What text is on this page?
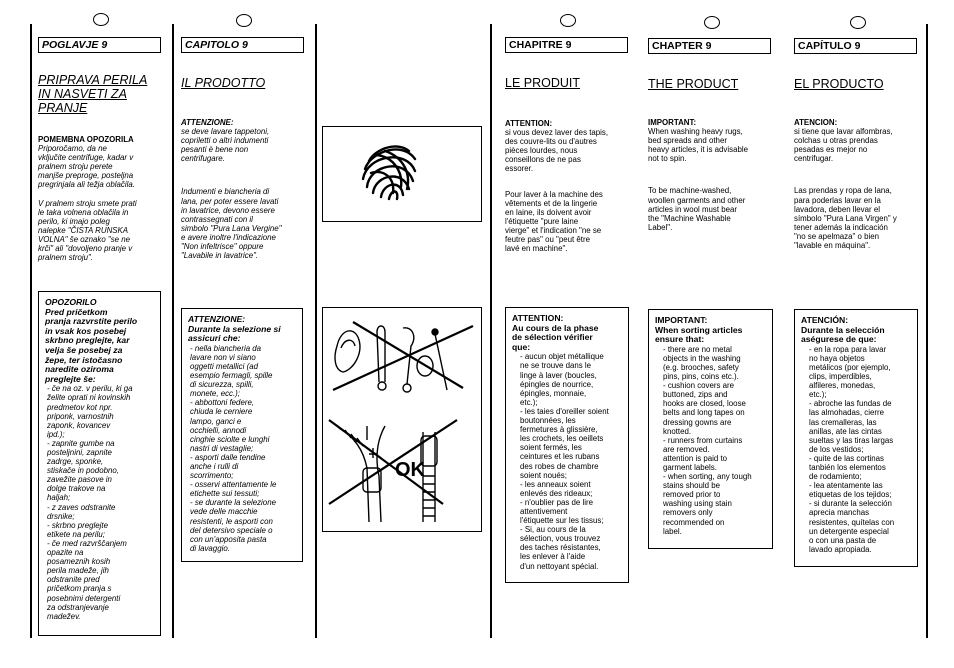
POGLAVJE 9
PRIPRAVA PERILA
IN NASVETI ZA
PRANJE
POMEMBNA OPOZORILA
Priporočamo, da ne
vključite centrifuge, kadar v
pralnem stroju perete
manjše preproge, posteljna
pregrinjala ali težja oblačila.
V pralnem stroju smete prati
le taka volnena oblačila in
perilo, ki imajo poleg
nalepke "ČISTA RUNSKA
VOLNA" še oznako "se ne
krči" ali "dovoljeno pranje v
pralnem stroju".
OPOZORILO
Pred pričetkom
pranja razvrstite perilo
in vsak kos posebej
skrbno preglejte, kar
velja še posebej za
žepe, ter istočasno
naredite oziroma
preglejte še:
- če na oz. v perilu, ki ga
želite oprati ni kovinskih
predmetov kot npr.
priponk, varnostnih
zaponk, kovancev
ipd.);
- zapnite gumbe na
posteljnini, zapnite
zadrge, sponke,
stiskače in podobno,
zavežite pasove in
dolge trakove na
haljah;
- z zaves odstranite
drsnike;
- skrbno preglejte
etikete na perilu;
- če med razvrščanjem
opazite na
posameznih kosih
perila madeže, jih
odstranite pred
pričetkom pranja s
posebnimi detergenti
za odstranjevanje
madežev.
CAPITOLO 9
IL PRODOTTO
ATTENZIONE:
se deve lavare tappetoni,
copriletti o altri indumenti
pesanti è bene non
centrifugare.
Indumenti e biancheria di
lana, per poter essere lavati
in lavatrice, devono essere
contrassegnati con il
simbolo "Pura Lana Vergine"
e avere inoltre l'indicazione
"Non infeltrisce" oppure
"Lavabile in lavatrice".
ATTENZIONE:
Durante la selezione si
assicuri che:
- nella biancheria da
lavare non vi siano
oggetti metallici (ad
esempio fermagli, spille
di sicurezza, spilli,
monete, ecc.);
- abbottoni federe,
chiuda le cerniere
lampo, ganci e
occhielli, annodi
cinghie sciolte e lunghi
nastri di vestaglie;
- asporti dalle tendine
anche i rulli di
scorrimento;
- osservi attentamente le
etichette sui tessuti;
- se durante la selezione
vede delle macchie
resistenti, le asporti con
del detersivo speciale o
con un'apposita pasta
di lavaggio.
OK
CHAPITRE 9
LE PRODUIT
ATTENTION:
si vous devez laver des tapis,
des couvre-lits ou d'autres
pièces lourdes, nous
conseillons de ne pas
essorer.
Pour laver à la machine des
vêtements et de la lingerie
en laine, ils doivent avoir
l'étiquette "pure laine
vierge" et l'indication "ne se
feutre pas" ou "peut être
lavé en machine".
ATTENTION:
Au cours de la phase
de sélection vérifier
que:
- aucun objet métallique
ne se trouve dans le
linge à laver (boucles,
épingles de nourrice,
épingles, monnaie,
etc.);
- les taies d'oreiller soient
boutonnées, les
fermetures à glissière,
les crochets, les oeillets
soient fermés, les
ceintures et les rubans
des robes de chambre
soient noués;
- les anneaux soient
enlevés des rideaux;
- n'oublier pas de lire
attentivement
l'étiquette sur les tissus;
- Si, au cours de la
sélection, vous trouvez
des taches résistantes,
les enlever à l'aide
d'un nettoyant spécial.
CHAPTER 9
THE PRODUCT
IMPORTANT:
When washing heavy rugs,
bed spreads and other
heavy articles, it is advisable
not to spin.
To be machine-washed,
woollen garments and other
articles in wool must bear
the "Machine Washable
Label".
IMPORTANT:
When sorting articles
ensure that:
- there are no metal
objects in the washing
(e.g. brooches, safety
pins, pins, coins etc.).
- cushion covers are
buttoned, zips and
hooks are closed, loose
belts and long tapes on
dressing gowns are
knotted.
- runners from curtains
are removed.
attention is paid to
garment labels.
- when sorting, any tough
stains should be
removed prior to
washing using stain
removers only
recommended on
label.
CAPÍTULO 9
EL PRODUCTO
ATENCION:
si tiene que lavar alfombras,
colchas u otras prendas
pesadas es mejor no
centrifugar.
Las prendas y ropa de lana,
para poderlas lavar en la
lavadora, deben llevar el
símbolo "Pura Lana Virgen" y
tener además la indicación
"no se apelmaza" o bien
"lavable en máquina".
ATENCIÓN:
Durante la selección
aségurese de que:
- en la ropa para lavar
no haya objetos
metálicos (por ejemplo,
clips, imperdibles,
alfileres, monedas,
etc.);
- abroche las fundas de
las almohadas, cierre
las cremalleras, las
anillas, ate las cintas
sueltas y las tiras largas
de los vestidos;
- quite de las cortinas
tanbién los elementos
de rodamiento;
- lea atentamente las
etiquetas de los tejidos;
- si durante la selección
aprecia manchas
resistentes, quítelas con
un detergente especial
o con una pasta de
lavado apropiada.
